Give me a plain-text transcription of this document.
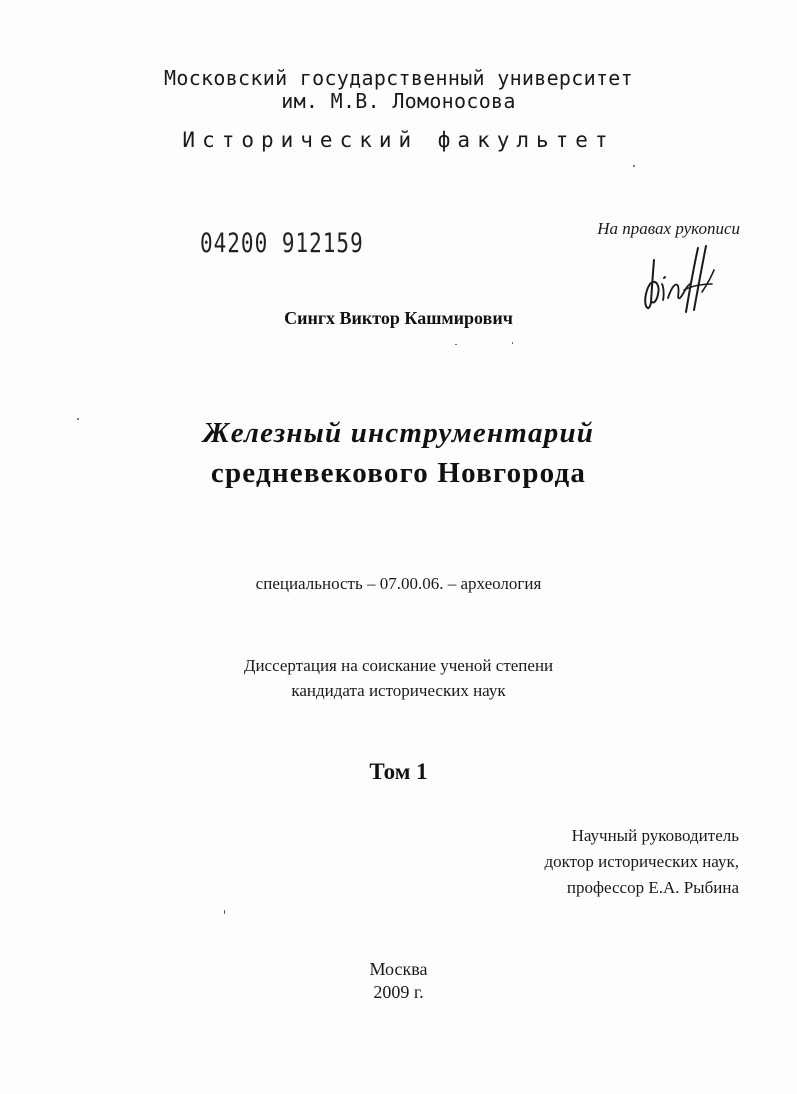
Московский государственный университет
им. М.В. Ломоносова
Исторический факультет
04200 912159	На правах рукописи
Сингх Виктор Кашмирович
Железный инструментарий
средневекового Новгорода
специальность – 07.00.06. – археология
Диссертация на соискание ученой степени
кандидата исторических наук
Том 1
Научный руководитель
доктор исторических наук,
профессор Е.А. Рыбина
Москва
2009 г.
